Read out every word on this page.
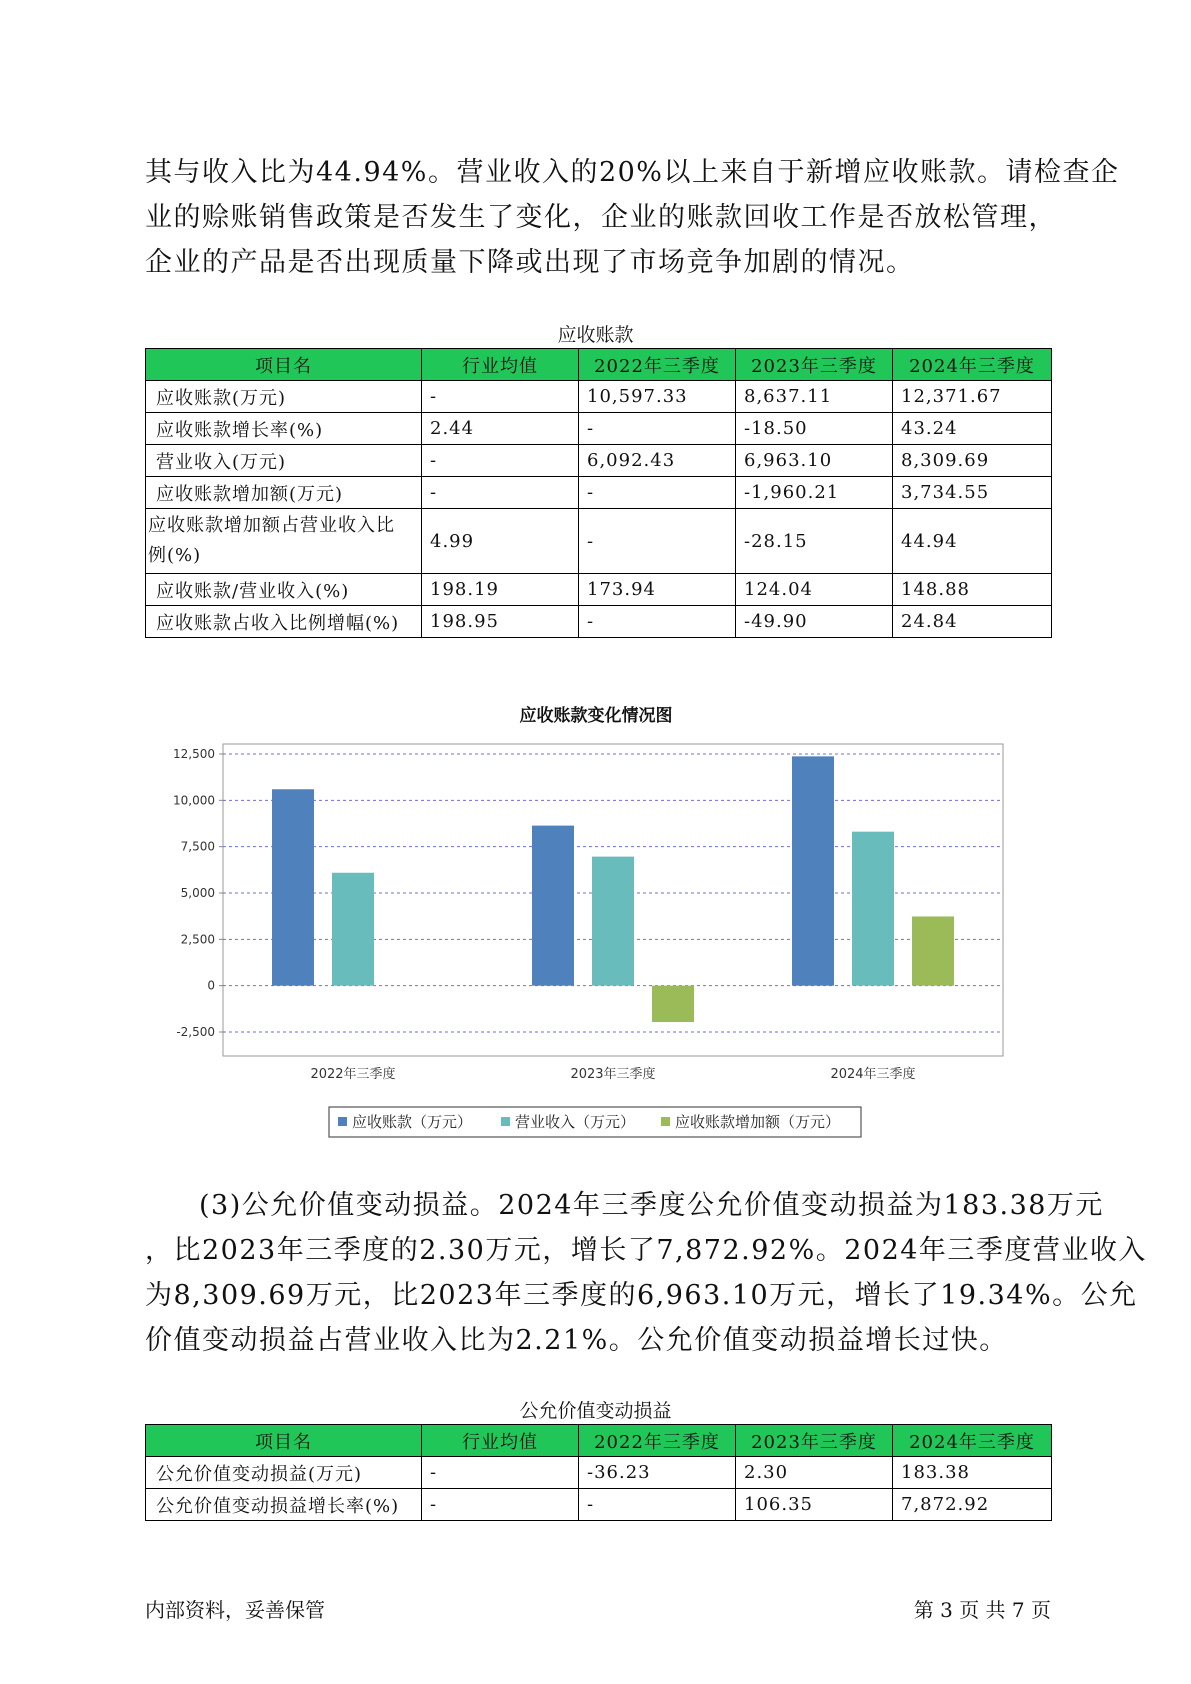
其与收入比为44.94%。营业收入的20%以上来自于新增应收账款。请检查企
业的赊账销售政策是否发生了变化，企业的账款回收工作是否放松管理，
企业的产品是否出现质量下降或出现了市场竞争加剧的情况。
应收账款
项目名	行业均值	2022年三季度	2023年三季度	2024年三季度
应收账款(万元)	-	10,597.33	8,637.11	12,371.67
应收账款增长率(%)	2.44	-	-18.50	43.24
营业收入(万元)	-	6,092.43	6,963.10	8,309.69
应收账款增加额(万元)	-	-	-1,960.21	3,734.55
应收账款增加额占营业收入比例(%)	4.99	-	-28.15	44.94
应收账款/营业收入(%)	198.19	173.94	124.04	148.88
应收账款占收入比例增幅(%)	198.95	-	-49.90	24.84
应收账款变化情况图
-2,500
0
2,500
5,000
7,500
10,000
12,500
2022年三季度	2023年三季度	2024年三季度
应收账款（万元）	营业收入（万元）	应收账款增加额（万元）
(3)公允价值变动损益。2024年三季度公允价值变动损益为183.38万元
，比2023年三季度的2.30万元，增长了7,872.92%。2024年三季度营业收入
为8,309.69万元，比2023年三季度的6,963.10万元，增长了19.34%。公允
价值变动损益占营业收入比为2.21%。公允价值变动损益增长过快。
公允价值变动损益
项目名	行业均值	2022年三季度	2023年三季度	2024年三季度
公允价值变动损益(万元)	-	-36.23	2.30	183.38
公允价值变动损益增长率(%)	-	-	106.35	7,872.92
内部资料，妥善保管	第 3 页 共 7 页
